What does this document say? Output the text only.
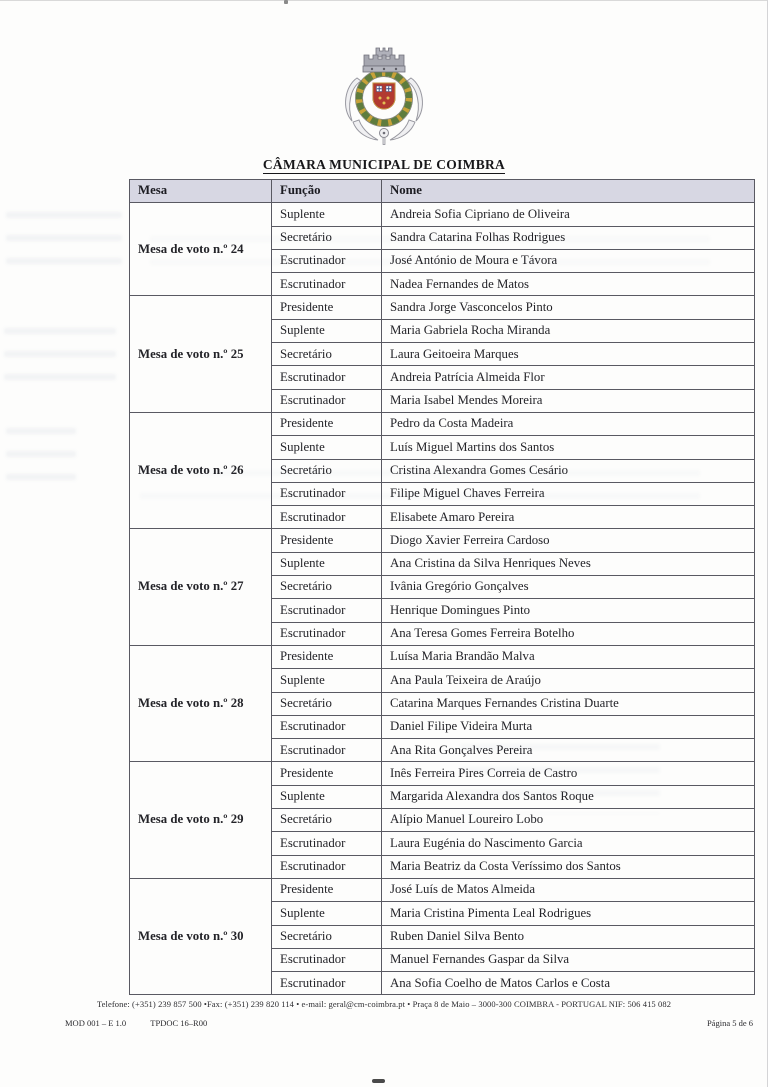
CÂMARA MUNICIPAL DE COIMBRA
Mesa	Função	Nome
Mesa de voto n.º 24	Suplente	Andreia Sofia Cipriano de Oliveira
	Secretário	Sandra Catarina Folhas Rodrigues
	Escrutinador	José António de Moura e Távora
	Escrutinador	Nadea Fernandes de Matos
Mesa de voto n.º 25	Presidente	Sandra Jorge Vasconcelos Pinto
	Suplente	Maria Gabriela Rocha Miranda
	Secretário	Laura Geitoeira Marques
	Escrutinador	Andreia Patrícia Almeida Flor
	Escrutinador	Maria Isabel Mendes Moreira
Mesa de voto n.º 26	Presidente	Pedro da Costa Madeira
	Suplente	Luís Miguel Martins dos Santos
	Secretário	Cristina Alexandra Gomes Cesário
	Escrutinador	Filipe Miguel Chaves Ferreira
	Escrutinador	Elisabete Amaro Pereira
Mesa de voto n.º 27	Presidente	Diogo Xavier Ferreira Cardoso
	Suplente	Ana Cristina da Silva Henriques Neves
	Secretário	Ivânia Gregório Gonçalves
	Escrutinador	Henrique Domingues Pinto
	Escrutinador	Ana Teresa Gomes Ferreira Botelho
Mesa de voto n.º 28	Presidente	Luísa Maria Brandão Malva
	Suplente	Ana Paula Teixeira de Araújo
	Secretário	Catarina Marques Fernandes Cristina Duarte
	Escrutinador	Daniel Filipe Videira Murta
	Escrutinador	Ana Rita Gonçalves Pereira
Mesa de voto n.º 29	Presidente	Inês Ferreira Pires Correia de Castro
	Suplente	Margarida Alexandra dos Santos Roque
	Secretário	Alípio Manuel Loureiro Lobo
	Escrutinador	Laura Eugénia do Nascimento Garcia
	Escrutinador	Maria Beatriz da Costa Veríssimo dos Santos
Mesa de voto n.º 30	Presidente	José Luís de Matos Almeida
	Suplente	Maria Cristina Pimenta Leal Rodrigues
	Secretário	Ruben Daniel Silva Bento
	Escrutinador	Manuel Fernandes Gaspar da Silva
	Escrutinador	Ana Sofia Coelho de Matos Carlos e Costa
Telefone: (+351) 239 857 500 •Fax: (+351) 239 820 114 • e-mail: geral@cm-coimbra.pt • Praça 8 de Maio – 3000-300 COIMBRA - PORTUGAL NIF: 506 415 082
MOD 001 – E 1.0	TPDOC 16–R00	Página 5 de 6
